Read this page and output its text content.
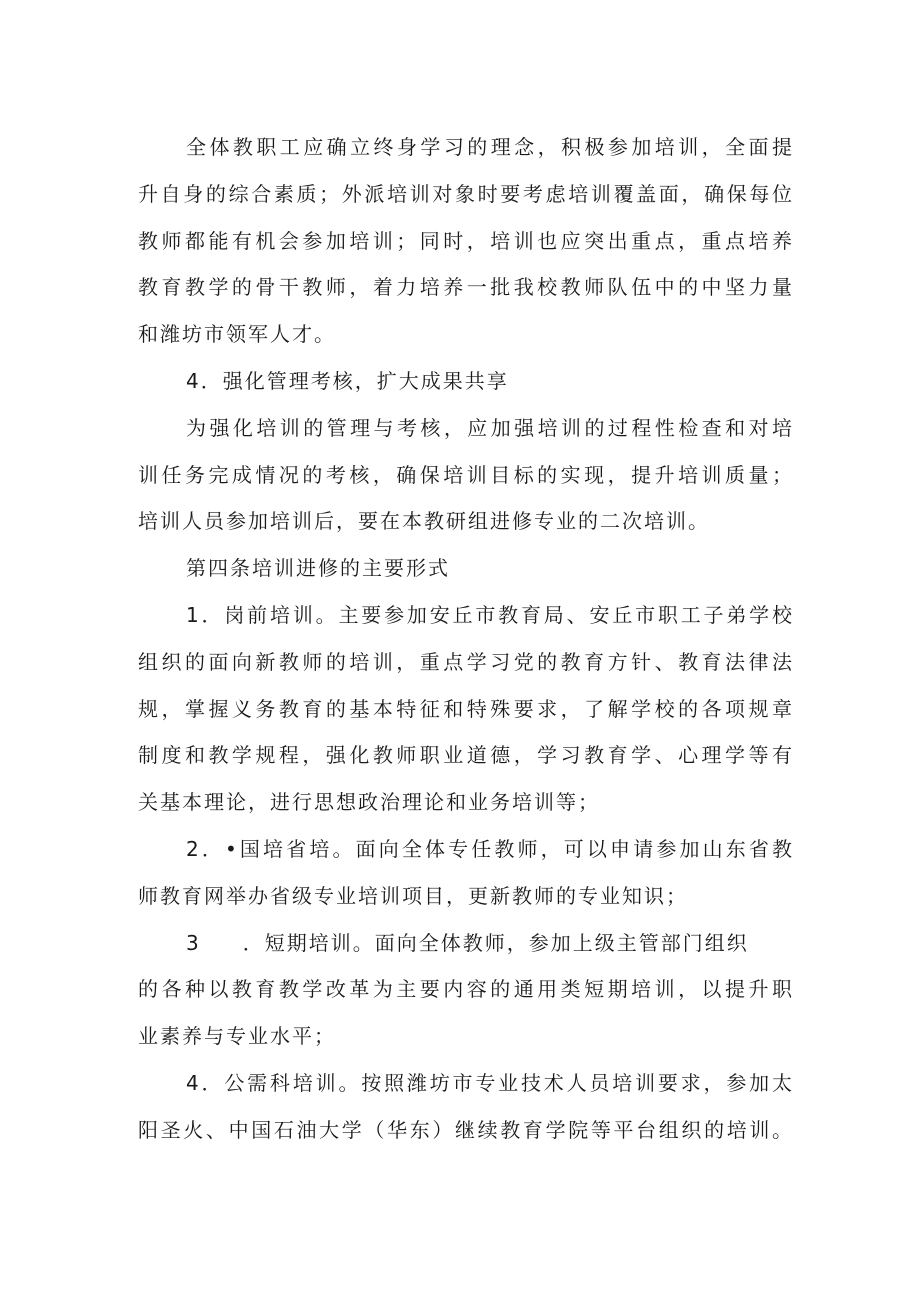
全体教职工应确立终身学习的理念，积极参加培训，全面提
升自身的综合素质；外派培训对象时要考虑培训覆盖面，确保每位
教师都能有机会参加培训；同时，培训也应突出重点，重点培养
教育教学的骨干教师，着力培养一批我校教师队伍中的中坚力量
和潍坊市领军人才。
4．强化管理考核，扩大成果共享
为强化培训的管理与考核，应加强培训的过程性检查和对培
训任务完成情况的考核，确保培训目标的实现，提升培训质量；
培训人员参加培训后，要在本教研组进修专业的二次培训。
第四条培训进修的主要形式
1．岗前培训。主要参加安丘市教育局、安丘市职工子弟学校
组织的面向新教师的培训，重点学习党的教育方针、教育法律法
规，掌握义务教育的基本特征和特殊要求，了解学校的各项规章
制度和教学规程，强化教师职业道德，学习教育学、心理学等有
关基本理论，进行思想政治理论和业务培训等；
2．•国培省培。面向全体专任教师，可以申请参加山东省教
师教育网举办省级专业培训项目，更新教师的专业知识；
3 ．短期培训。面向全体教师，参加上级主管部门组织
的各种以教育教学改革为主要内容的通用类短期培训，以提升职
业素养与专业水平；
4．公需科培训。按照潍坊市专业技术人员培训要求，参加太
阳圣火、中国石油大学（华东）继续教育学院等平台组织的培训。
